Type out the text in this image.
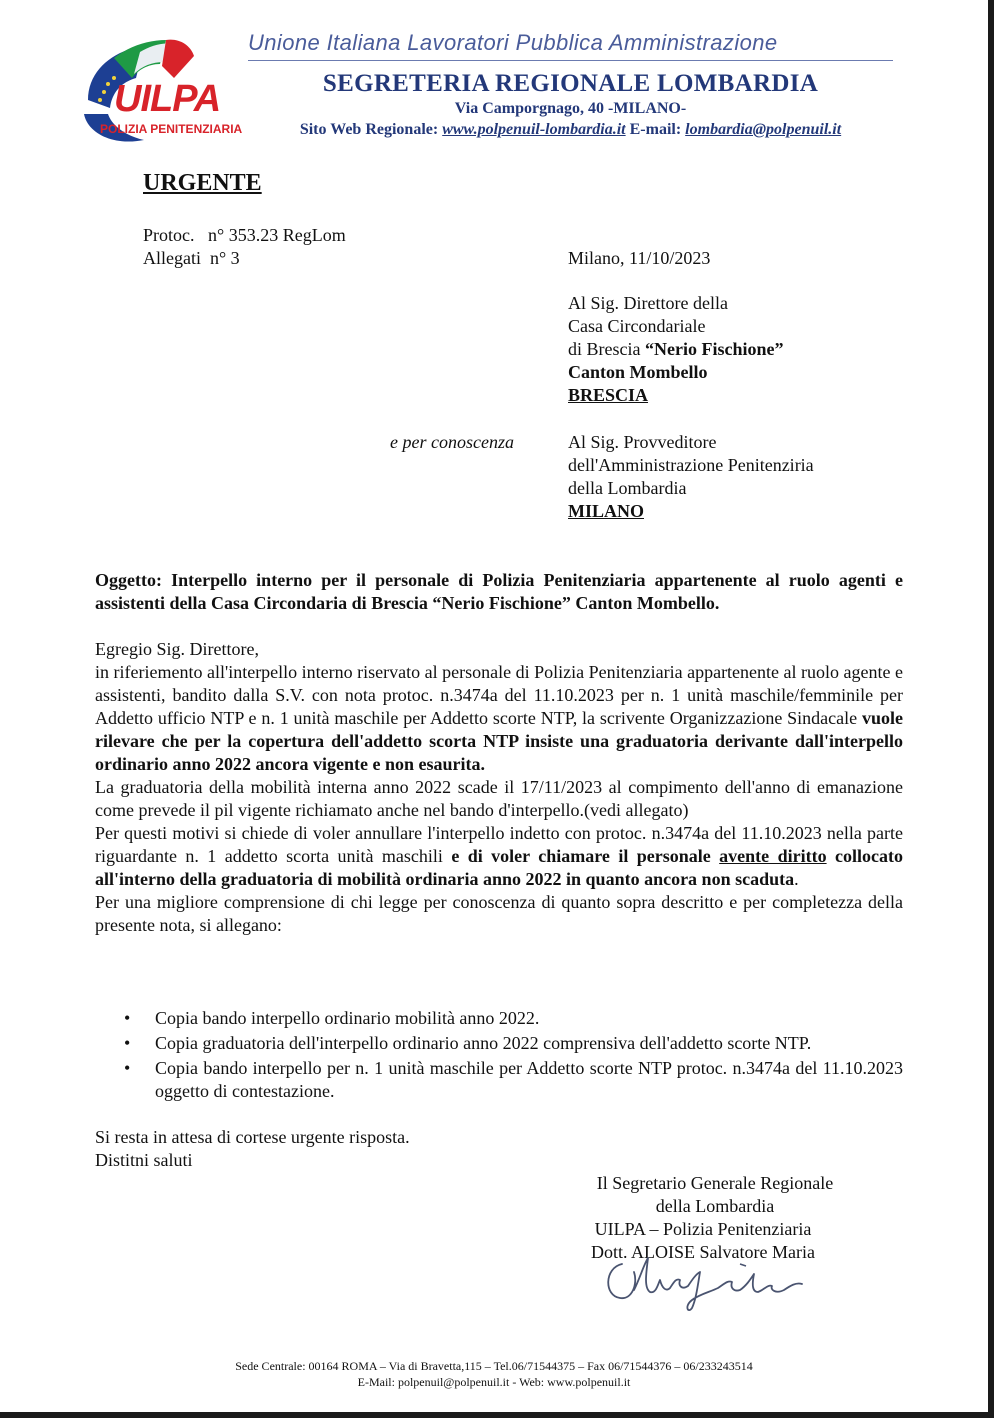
UILPA
POLIZIA PENITENZIARIA
Unione Italiana Lavoratori Pubblica Amministrazione
SEGRETERIA REGIONALE LOMBARDIA
Via Camporgnago, 40 -MILANO-
Sito Web Regionale: www.polpenuil-lombardia.it E-mail: lombardia@polpenuil.it
URGENTE
Protoc. n° 353.23 RegLom
Allegati n° 3	Milano, 11/10/2023
Al Sig. Direttore della
Casa Circondariale
di Brescia “Nerio Fischione”
Canton Mombello
BRESCIA
e per conoscenza	Al Sig. Provveditore
dell'Amministrazione Penitenziria
della Lombardia
MILANO
Oggetto: Interpello interno per il personale di Polizia Penitenziaria appartenente al ruolo agenti e assistenti della Casa Circondaria di Brescia “Nerio Fischione” Canton Mombello.

Egregio Sig. Direttore,

in riferiemento all'interpello interno riservato al personale di Polizia Penitenziaria appartenente al ruolo agente e assistenti, bandito dalla S.V. con nota protoc. n.3474a del 11.10.2023 per n. 1 unità maschile/femminile per Addetto ufficio NTP e n. 1 unità maschile per Addetto scorte NTP, la scrivente Organizzazione Sindacale vuole rilevare che per la copertura dell'addetto scorta NTP insiste una graduatoria derivante dall'interpello ordinario anno 2022 ancora vigente e non esaurita.

La graduatoria della mobilità interna anno 2022 scade il 17/11/2023 al compimento dell'anno di emanazione come prevede il pil vigente richiamato anche nel bando d'interpello.(vedi allegato)

Per questi motivi si chiede di voler annullare l'interpello indetto con protoc. n.3474a del 11.10.2023 nella parte riguardante n. 1 addetto scorta unità maschili e di voler chiamare il personale avente diritto collocato all'interno della graduatoria di mobilità ordinaria anno 2022 in quanto ancora non scaduta.

Per una migliore comprensione di chi legge per conoscenza di quanto sopra descritto e per completezza della presente nota, si allegano:

• Copia bando interpello ordinario mobilità anno 2022.
• Copia graduatoria dell'interpello ordinario anno 2022 comprensiva dell'addetto scorte NTP.
• Copia bando interpello per n. 1 unità maschile per Addetto scorte NTP protoc. n.3474a del 11.10.2023 oggetto di contestazione.
Si resta in attesa di cortese urgente risposta.
Distitni saluti
Il Segretario Generale Regionale
della Lombardia
UILPA – Polizia Penitenziaria
Dott. ALOISE Salvatore Maria
Sede Centrale: 00164 ROMA – Via di Bravetta,115 – Tel.06/71544375 – Fax 06/71544376 – 06/233243514
E-Mail: polpenuil@polpenuil.it - Web: www.polpenuil.it
